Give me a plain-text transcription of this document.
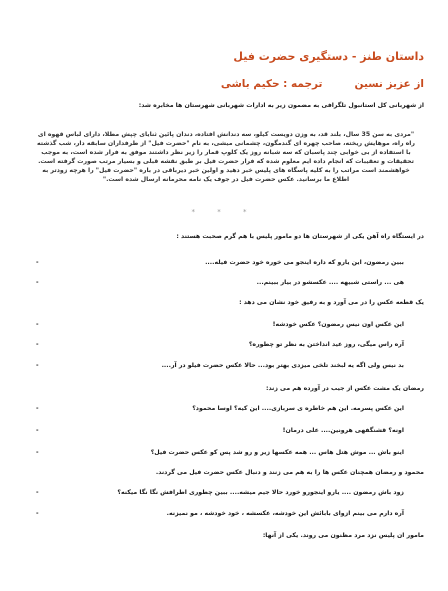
داستان طنز - دستگیری حضرت فیل
از عزیز نسینترجمه : حکیم باشی
از شهربانی کل استانبول تلگرافی به مضمون زیر به ادارات شهربانی شهرستان ها مخابره شد:
"مردی به سن 35 سال، بلند قد، به وزن دویست کیلو، سه دندانش افتاده، دندان پائین ثنایای چپش مطلا، دارای لباس قهوه ای راه راه، موهایش ریخته، صاحب چهره ای گندمگون، چشمانی میشی، به نام "حضرت فیل" از طرفداران سابقه دار، شب گذشته با استفاده از بی خوابی چند پاسبان که سه شبانه روز یک کلوپ قمار را زیر نظر داشتند موفق به فرار شده است، به موجب تحقیقات و تعقیبات که انجام داده ایم معلوم شده که فرار حضرت فیل بر طبق نقشه قبلی و بسیار مرتب صورت گرفته است. خواهشمند است مراتب را به کلیه پاسگاه های پلیس خبر دهید و اولین خبر دیرباقی در باره "حضرت فیل" را هرچه زودتر به اطلاع ما برسانید. عکس حضرت فیل در جوف یک نامه محرمانه ارسال شده است."
* * *
در ایستگاه راه آهن یکی از شهرستان ها دو مامور پلیس با هم گرم صحبت هستند :
ببین رمضون، این یارو که داره اینجو می خوره خود حضرت فیله....
-
هی ... راستی شبیهه .... عکسشو در بیار ببینم...
-
یک قطعه عکس را در می آورد و به رفیق خود نشان می دهد :
این عکس اون نیس رمضون؟ عکس خودشه!
-
آره راس میگی، روز عید انداختن به نظر تو چطوره؟
-
بد نیس ولی اگه یه لبخند تلخی میزدی بهتر بود... حالا عکس حضرت فیلو در آر....
-
رمضان یک مشت عکس از جیب در آورده هم می زند:
این عکس پسرمه. این هم خاطره ی سربازی.... این کیه؟ اوسا محمود؟
-
اونه؟ قشنگفهی هرونین.... علی درمان!
-
اینو باش ... موش هتل هاس ... همه عکسها زیر و رو شد پس کو عکس حضرت فیل؟
-
محمود و رمضان همچنان عکس ها را به هم می زنند و دنبال عکس حضرت فیل می گردند.
زود باش رمضون .... یارو اینجورو خورد حالا جیم میشه.... ببین چطوری اطرافش نگا نگا میکنه؟
-
آره دارم می بینم ازوای بابائش این خودشه، عکسشه ، خود خودشه ، مو نمیزنه.
-
مامور ان پلیس نزد مرد مظنون می روند. یکی از آنها:
